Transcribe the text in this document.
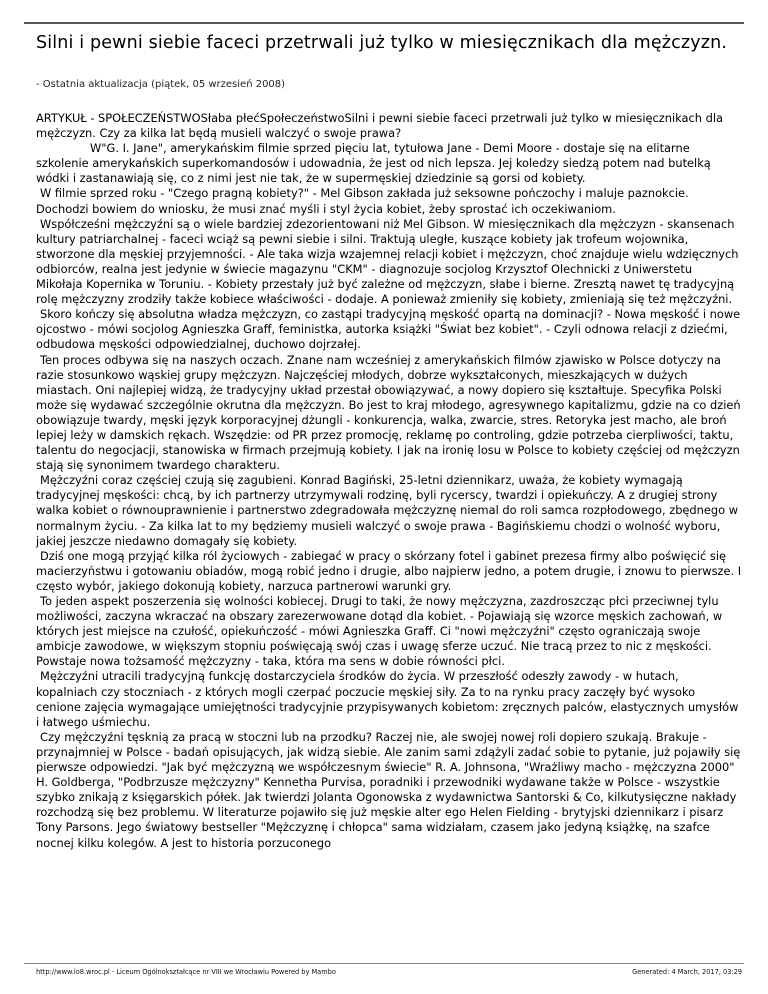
Silni i pewni siebie faceci przetrwali już tylko w miesięcznikach dla mężczyzn.
- Ostatnia aktualizacja (piątek, 05 wrzesień 2008)

ARTYKUŁ - SPOŁECZEŃSTWOSłaba płećSpołeczeństwoSilni i pewni siebie faceci przetrwali już tylko w miesięcznikach dla mężczyzn. Czy za kilka lat będą musieli walczyć o swoje prawa?

W"G. I. Jane", amerykańskim filmie sprzed pięciu lat, tytułowa Jane - Demi Moore - dostaje się na elitarne szkolenie amerykańskich superkomandosów i udowadnia, że jest od nich lepsza. Jej koledzy siedzą potem nad butelką wódki i zastanawiają się, co z nimi jest nie tak, że w supermęskiej dziedzinie są gorsi od kobiety.

W filmie sprzed roku - "Czego pragną kobiety?" - Mel Gibson zakłada już seksowne pończochy i maluje paznokcie. Dochodzi bowiem do wniosku, że musi znać myśli i styl życia kobiet, żeby sprostać ich oczekiwaniom.

Współcześni mężczyźni są o wiele bardziej zdezorientowani niż Mel Gibson. W miesięcznikach dla mężczyzn - skansenach kultury patriarchalnej - faceci wciąż są pewni siebie i silni. Traktują uległe, kuszące kobiety jak trofeum wojownika, stworzone dla męskiej przyjemności. - Ale taka wizja wzajemnej relacji kobiet i mężczyzn, choć znajduje wielu wdzięcznych odbiorców, realna jest jedynie w świecie magazynu "CKM" - diagnozuje socjolog Krzysztof Olechnicki z Uniwerstetu Mikołaja Kopernika w Toruniu. - Kobiety przestały już być zależne od mężczyzn, słabe i bierne. Zresztą nawet tę tradycyjną rolę mężczyzny zrodziły także kobiece właściwości - dodaje. A ponieważ zmieniły się kobiety, zmieniają się też mężczyźni.

Skoro kończy się absolutna władza mężczyzn, co zastąpi tradycyjną męskość opartą na dominacji? - Nowa męskość i nowe ojcostwo - mówi socjolog Agnieszka Graff, feministka, autorka książki "Świat bez kobiet". - Czyli odnowa relacji z dziećmi, odbudowa męskości odpowiedzialnej, duchowo dojrzałej.

Ten proces odbywa się na naszych oczach. Znane nam wcześniej z amerykańskich filmów zjawisko w Polsce dotyczy na razie stosunkowo wąskiej grupy mężczyzn. Najczęściej młodych, dobrze wykształconych, mieszkających w dużych miastach. Oni najlepiej widzą, że tradycyjny układ przestał obowiązywać, a nowy dopiero się kształtuje. Specyfika Polski może się wydawać szczególnie okrutna dla mężczyzn. Bo jest to kraj młodego, agresywnego kapitalizmu, gdzie na co dzień obowiązuje twardy, męski język korporacyjnej dżungli - konkurencja, walka, zwarcie, stres. Retoryka jest macho, ale broń lepiej leży w damskich rękach. Wszędzie: od PR przez promocję, reklamę po controling, gdzie potrzeba cierpliwości, taktu, talentu do negocjacji, stanowiska w firmach przejmują kobiety. I jak na ironię losu w Polsce to kobiety częściej od mężczyzn stają się synonimem twardego charakteru.

Mężczyźni coraz częściej czują się zagubieni. Konrad Bagiński, 25-letni dziennikarz, uważa, że kobiety wymagają tradycyjnej męskości: chcą, by ich partnerzy utrzymywali rodzinę, byli rycerscy, twardzi i opiekuńczy. A z drugiej strony walka kobiet o równouprawnienie i partnerstwo zdegradowała mężczyznę niemal do roli samca rozpłodowego, zbędnego w normalnym życiu. - Za kilka lat to my będziemy musieli walczyć o swoje prawa - Bagińskiemu chodzi o wolność wyboru, jakiej jeszcze niedawno domagały się kobiety.

Dziś one mogą przyjąć kilka ról życiowych - zabiegać w pracy o skórzany fotel i gabinet prezesa firmy albo poświęcić się macierzyństwu i gotowaniu obiadów, mogą robić jedno i drugie, albo najpierw jedno, a potem drugie, i znowu to pierwsze. I często wybór, jakiego dokonują kobiety, narzuca partnerowi warunki gry.

To jeden aspekt poszerzenia się wolności kobiecej. Drugi to taki, że nowy mężczyzna, zazdroszcząc płci przeciwnej tylu możliwości, zaczyna wkraczać na obszary zarezerwowane dotąd dla kobiet. - Pojawiają się wzorce męskich zachowań, w których jest miejsce na czułość, opiekuńczość - mówi Agnieszka Graff. Ci "nowi mężczyźni" często ograniczają swoje ambicje zawodowe, w większym stopniu poświęcają swój czas i uwagę sferze uczuć. Nie tracą przez to nic z męskości. Powstaje nowa tożsamość mężczyzny - taka, która ma sens w dobie równości płci.

Mężczyźni utracili tradycyjną funkcję dostarczyciela środków do życia. W przeszłość odeszły zawody - w hutach, kopalniach czy stoczniach - z których mogli czerpać poczucie męskiej siły. Za to na rynku pracy zaczęły być wysoko cenione zajęcia wymagające umiejętności tradycyjnie przypisywanych kobietom: zręcznych palców, elastycznych umysłów i łatwego uśmiechu.

Czy mężczyźni tęsknią za pracą w stoczni lub na przodku? Raczej nie, ale swojej nowej roli dopiero szukają. Brakuje - przynajmniej w Polsce - badań opisujących, jak widzą siebie. Ale zanim sami zdążyli zadać sobie to pytanie, już pojawiły się pierwsze odpowiedzi. "Jak być mężczyzną we współczesnym świecie" R. A. Johnsona, "Wrażliwy macho - mężczyzna 2000" H. Goldberga, "Podbrzusze mężczyzny" Kennetha Purvisa, poradniki i przewodniki wydawane także w Polsce - wszystkie szybko znikają z księgarskich półek. Jak twierdzi Jolanta Ogonowska z wydawnictwa Santorski & Co, kilkutysięczne nakłady rozchodzą się bez problemu. W literaturze pojawiło się już męskie alter ego Helen Fielding - brytyjski dziennikarz i pisarz Tony Parsons. Jego światowy bestseller "Mężczyznę i chłopca" sama widziałam, czasem jako jedyną książkę, na szafce nocnej kilku kolegów. A jest to historia porzuconego

http://www.lo8.wroc.pl - Liceum Ogólnokształcące nr VIII we Wrocławiu Powered by Mambo	Generated: 4 March, 2017, 03:29
